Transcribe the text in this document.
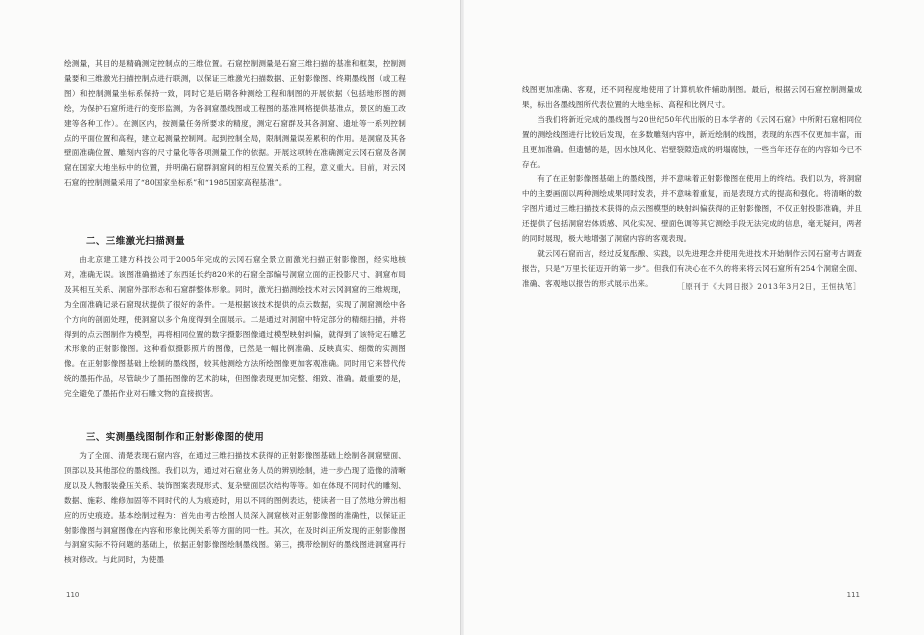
绘测量，其目的是精确测定控制点的三维位置。石窟控制测量是石窟三维扫描的基准和框架，控制测量要和三维激光扫描控制点进行联测，以保证三维激光扫描数据、正射影像图、终期墨线图（或工程图）和控制测量坐标系保持一致，同时它是后期各种测绘工程和制图的开展依据（包括地形图的测绘，为保护石窟所进行的变形监测，为各洞窟墨线图或工程图的基准网格提供基准点，景区的施工改建等各种工作）。在测区内，按测量任务所要求的精度，测定石窟群及其各洞窟、遗址等一系列控制点的平面位置和高程，建立起测量控制网。起到控制全局，限制测量误差累积的作用。是洞窟及其各壁面准确位置、雕刻内容的尺寸量化等各项测量工作的依据。开展这项转在准确测定云冈石窟及各洞窟在国家大地坐标中的位置，并明确石窟群洞窟间的相互位置关系的工程，意义重大。目前，对云冈石窟的控制测量采用了“80国家坐标系”和“1985国家高程基准”。

二、三维激光扫描测量

由北京建工建方科技公司于2005年完成的云冈石窟全景立面激光扫描正射影像图，经实地核对，准确无误。该图准确描述了东西延长约820米的石窟全部编号洞窟立面的正投影尺寸、洞窟布局及其相互关系、洞窟外部形态和石窟群整体形象。同时，激光扫描测绘技术对云冈洞窟的三维规现，为全面准确记录石窟现状提供了很好的条件。一是根据该技术提供的点云数据，实现了洞窟测绘中各个方向的剖面处理，使洞窟以多个角度得到全面展示。二是通过对洞窟中特定部分的精细扫描，并将得到的点云图制作为模型，再将相同位置的数字摄影图像通过模型映射纠偏，就得到了该特定石雕艺术形象的正射影像图。这种看似摄影照片的图像，已然是一幅比例准确、反映真实、细微的实测图像。在正射影像图基础上绘制的墨线图，较其他测绘方法所绘图像更加客观准确。同时用它来替代传统的墨拓作品，尽管缺少了墨拓图像的艺术韵味，但图像表现更加完整、细致、准确。最重要的是，完全避免了墨拓作业对石雕文物的直接损害。

三、实测墨线图制作和正射影像图的使用

为了全面、清楚表现石窟内容，在通过三维扫描技术获得的正射影像图基础上绘制各洞窟壁面、顶部以及其他部位的墨线图。我们以为，通过对石窟业务人员的辨别绘制，进一步凸现了造像的清晰度以及人物服装叠压关系、装饰图案表现形式、复杂壁面层次结构等等。如在体现不同时代的雕刻、数据、施彩、维修加固等不同时代的人为痕迹时，用以不同的图例表达，使读者一目了然地分辨出相应的历史痕迹。基本绘制过程为：首先由考古绘图人员深入洞窟核对正射影像图的准确性，以保证正射影像图与洞窟图像在内容和形象比例关系等方面的同一性。其次，在及时纠正所发现的正射影像图与洞窟实际不符问题的基础上，依据正射影像图绘制墨线图。第三，携带绘制好的墨线图进洞窟再行核对修改。与此同时，为使墨

110

线图更加准确、客观，还不同程度地使用了计算机软件辅助制图。最后，根据云冈石窟控制测量成果，标出各墨线图所代表位置的大地坐标、高程和比例尺寸。

当我们将新近完成的墨线图与20世纪50年代出版的日本学者的《云冈石窟》中所附石窟相同位置的测绘线图进行比较后发现，在多数雕刻内容中，新近绘制的线图，表现的东西不仅更加丰富，而且更加准确。但遗憾的是，因水蚀风化、岩壁裂隙造成的坍塌腐蚀，一些当年还存在的内容如今已不存在。

有了在正射影像图基础上的墨线图，并不意味着正射影像图在使用上的终结。我们以为，将洞窟中的主要画面以两种测绘成果同时发表，并不意味着重复，而是表现方式的提高和强化。将清晰的数字图片通过三维扫描技术获得的点云图模型的映射纠偏获得的正射影像图，不仅正射投影准确，并且还提供了包括洞窟岩体质感、风化实况、壁面色调等其它测绘手段无法完成的信息，毫无疑问，两者的同时展现，极大地增强了洞窟内容的客观表现。

就云冈石窟而言，经过反复酝酿、实践，以先进理念并使用先进技术开始制作云冈石窟考古调查报告，只是“万里长征迈开的第一步”。但我们有决心在不久的将来将云冈石窟所有254个洞窟全面、准确、客观地以报告的形式展示出来。	［原刊于《大同日报》2013年3月2日，王恒执笔］
111
